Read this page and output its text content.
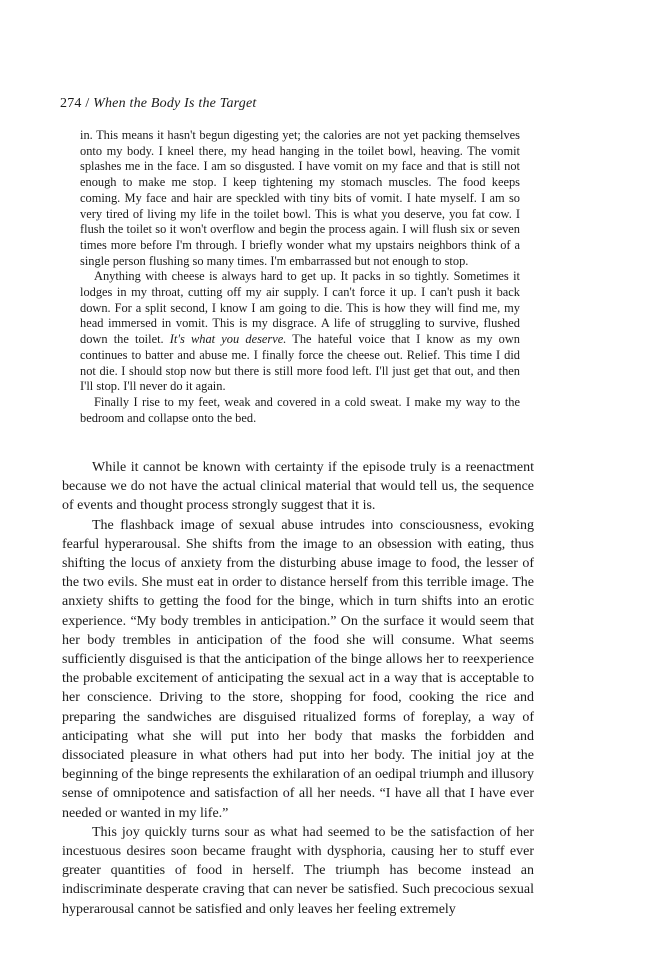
274 / When the Body Is the Target

in. This means it hasn't begun digesting yet; the calories are not yet packing themselves onto my body. I kneel there, my head hanging in the toilet bowl, heaving. The vomit splashes me in the face. I am so disgusted. I have vomit on my face and that is still not enough to make me stop. I keep tightening my stomach muscles. The food keeps coming. My face and hair are speckled with tiny bits of vomit. I hate myself. I am so very tired of living my life in the toilet bowl. This is what you deserve, you fat cow. I flush the toilet so it won't overflow and begin the process again. I will flush six or seven times more before I'm through. I briefly wonder what my upstairs neighbors think of a single person flushing so many times. I'm embarrassed but not enough to stop.

Anything with cheese is always hard to get up. It packs in so tightly. Sometimes it lodges in my throat, cutting off my air supply. I can't force it up. I can't push it back down. For a split second, I know I am going to die. This is how they will find me, my head immersed in vomit. This is my disgrace. A life of struggling to survive, flushed down the toilet. It's what you deserve. The hateful voice that I know as my own continues to batter and abuse me. I finally force the cheese out. Relief. This time I did not die. I should stop now but there is still more food left. I'll just get that out, and then I'll stop. I'll never do it again.

Finally I rise to my feet, weak and covered in a cold sweat. I make my way to the bedroom and collapse onto the bed.

While it cannot be known with certainty if the episode truly is a reenactment because we do not have the actual clinical material that would tell us, the sequence of events and thought process strongly suggest that it is.

The flashback image of sexual abuse intrudes into consciousness, evoking fearful hyperarousal. She shifts from the image to an obsession with eating, thus shifting the locus of anxiety from the disturbing abuse image to food, the lesser of the two evils. She must eat in order to distance herself from this terrible image. The anxiety shifts to getting the food for the binge, which in turn shifts into an erotic experience. “My body trembles in anticipation.” On the surface it would seem that her body trembles in anticipation of the food she will consume. What seems sufficiently disguised is that the anticipation of the binge allows her to reexperience the probable excitement of anticipating the sexual act in a way that is acceptable to her conscience. Driving to the store, shopping for food, cooking the rice and preparing the sandwiches are disguised ritualized forms of foreplay, a way of anticipating what she will put into her body that masks the forbidden and dissociated pleasure in what others had put into her body. The initial joy at the beginning of the binge represents the exhilaration of an oedipal triumph and illusory sense of omnipotence and satisfaction of all her needs. “I have all that I have ever needed or wanted in my life.”

This joy quickly turns sour as what had seemed to be the satisfaction of her incestuous desires soon became fraught with dysphoria, causing her to stuff ever greater quantities of food in herself. The triumph has become instead an indiscriminate desperate craving that can never be satisfied. Such precocious sexual hyperarousal cannot be satisfied and only leaves her feeling extremely
